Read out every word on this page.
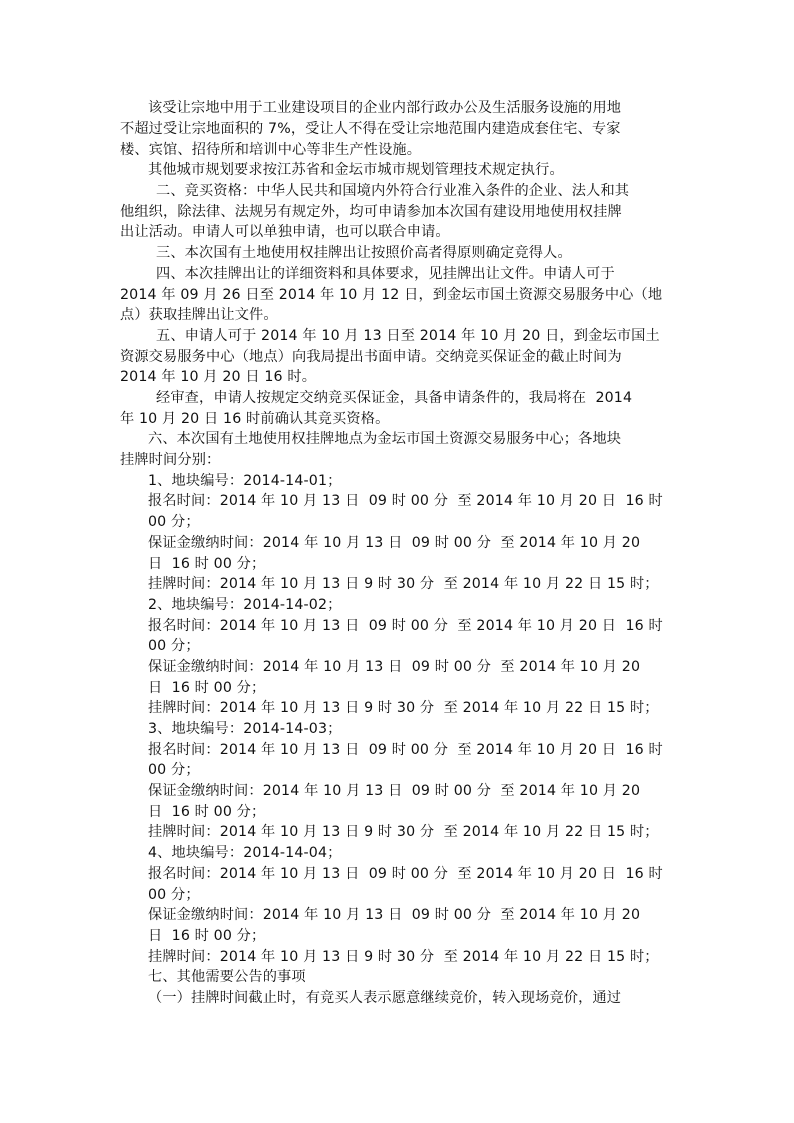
该受让宗地中用于工业建设项目的企业内部行政办公及生活服务设施的用地
不超过受让宗地面积的 7%，受让人不得在受让宗地范围内建造成套住宅、专家
楼、宾馆、招待所和培训中心等非生产性设施。
其他城市规划要求按江苏省和金坛市城市规划管理技术规定执行。
二、竞买资格：中华人民共和国境内外符合行业准入条件的企业、法人和其
他组织，除法律、法规另有规定外，均可申请参加本次国有建设用地使用权挂牌
出让活动。申请人可以单独申请，也可以联合申请。
三、本次国有土地使用权挂牌出让按照价高者得原则确定竞得人。
四、本次挂牌出让的详细资料和具体要求，见挂牌出让文件。申请人可于
2014 年 09 月 26 日至 2014 年 10 月 12 日，到金坛市国土资源交易服务中心（地
点）获取挂牌出让文件。
五、申请人可于 2014 年 10 月 13 日至 2014 年 10 月 20 日，到金坛市国土
资源交易服务中心（地点）向我局提出书面申请。交纳竞买保证金的截止时间为
2014 年 10 月 20 日 16 时。
经审查，申请人按规定交纳竞买保证金，具备申请条件的，我局将在  2014
年 10 月 20 日 16 时前确认其竞买资格。
六、本次国有土地使用权挂牌地点为金坛市国土资源交易服务中心；各地块
挂牌时间分别：
1、地块编号：2014-14-01；
报名时间：2014 年 10 月 13 日  09 时 00 分  至 2014 年 10 月 20 日  16 时
00 分；
保证金缴纳时间：2014 年 10 月 13 日  09 时 00 分  至 2014 年 10 月 20
日  16 时 00 分；
挂牌时间：2014 年 10 月 13 日 9 时 30 分  至 2014 年 10 月 22 日 15 时；
2、地块编号：2014-14-02；
报名时间：2014 年 10 月 13 日  09 时 00 分  至 2014 年 10 月 20 日  16 时
00 分；
保证金缴纳时间：2014 年 10 月 13 日  09 时 00 分  至 2014 年 10 月 20
日  16 时 00 分；
挂牌时间：2014 年 10 月 13 日 9 时 30 分  至 2014 年 10 月 22 日 15 时；
3、地块编号：2014-14-03；
报名时间：2014 年 10 月 13 日  09 时 00 分  至 2014 年 10 月 20 日  16 时
00 分；
保证金缴纳时间：2014 年 10 月 13 日  09 时 00 分  至 2014 年 10 月 20
日  16 时 00 分；
挂牌时间：2014 年 10 月 13 日 9 时 30 分  至 2014 年 10 月 22 日 15 时；
4、地块编号：2014-14-04；
报名时间：2014 年 10 月 13 日  09 时 00 分  至 2014 年 10 月 20 日  16 时
00 分；
保证金缴纳时间：2014 年 10 月 13 日  09 时 00 分  至 2014 年 10 月 20
日  16 时 00 分；
挂牌时间：2014 年 10 月 13 日 9 时 30 分  至 2014 年 10 月 22 日 15 时；
七、其他需要公告的事项
（一）挂牌时间截止时，有竞买人表示愿意继续竞价，转入现场竞价，通过
